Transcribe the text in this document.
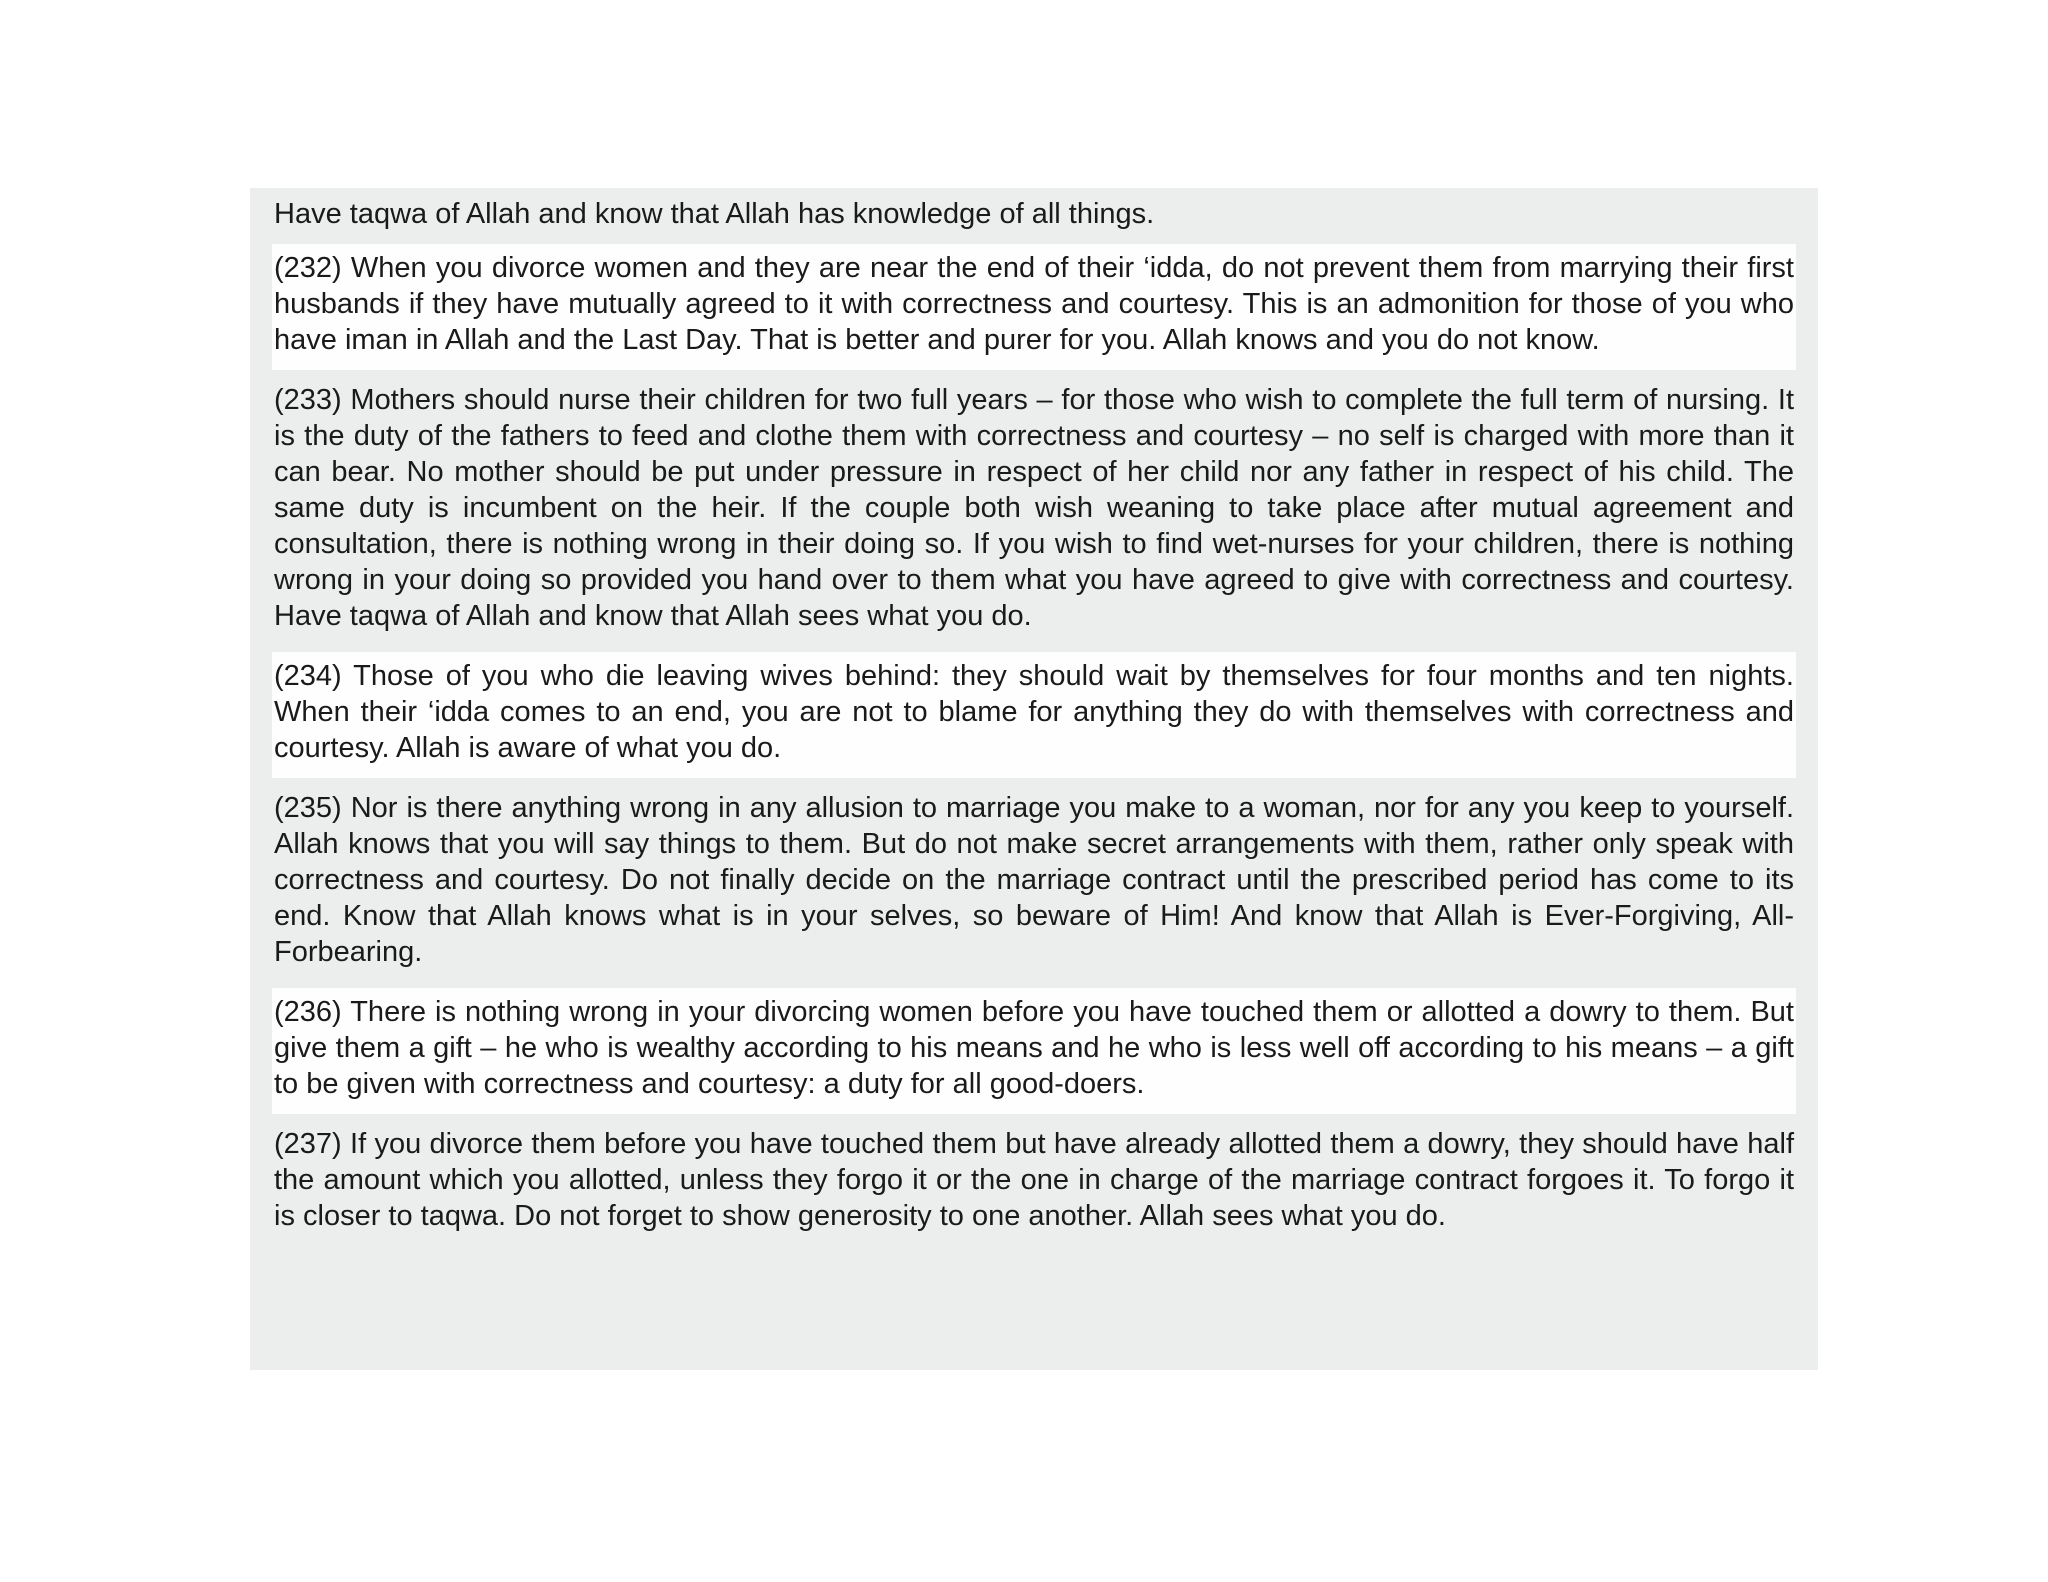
Have taqwa of Allah and know that Allah has knowledge of all things.

(232) When you divorce women and they are near the end of their ‘idda, do not prevent them from marrying their first husbands if they have mutually agreed to it with correctness and courtesy. This is an admonition for those of you who have iman in Allah and the Last Day. That is better and purer for you. Allah knows and you do not know.

(233) Mothers should nurse their children for two full years – for those who wish to complete the full term of nursing. It is the duty of the fathers to feed and clothe them with correctness and courtesy – no self is charged with more than it can bear. No mother should be put under pressure in respect of her child nor any father in respect of his child. The same duty is incumbent on the heir. If the couple both wish weaning to take place after mutual agreement and consultation, there is nothing wrong in their doing so. If you wish to find wet-nurses for your children, there is nothing wrong in your doing so provided you hand over to them what you have agreed to give with correctness and courtesy. Have taqwa of Allah and know that Allah sees what you do.

(234) Those of you who die leaving wives behind: they should wait by themselves for four months and ten nights. When their ‘idda comes to an end, you are not to blame for anything they do with themselves with correctness and courtesy. Allah is aware of what you do.

(235) Nor is there anything wrong in any allusion to marriage you make to a woman, nor for any you keep to yourself. Allah knows that you will say things to them. But do not make secret arrangements with them, rather only speak with correctness and courtesy. Do not finally decide on the marriage contract until the prescribed period has come to its end. Know that Allah knows what is in your selves, so beware of Him! And know that Allah is Ever-Forgiving, All-Forbearing.

(236) There is nothing wrong in your divorcing women before you have touched them or allotted a dowry to them. But give them a gift – he who is wealthy according to his means and he who is less well off according to his means – a gift to be given with correctness and courtesy: a duty for all good-doers.

(237) If you divorce them before you have touched them but have already allotted them a dowry, they should have half the amount which you allotted, unless they forgo it or the one in charge of the marriage contract forgoes it. To forgo it is closer to taqwa. Do not forget to show generosity to one another. Allah sees what you do.
